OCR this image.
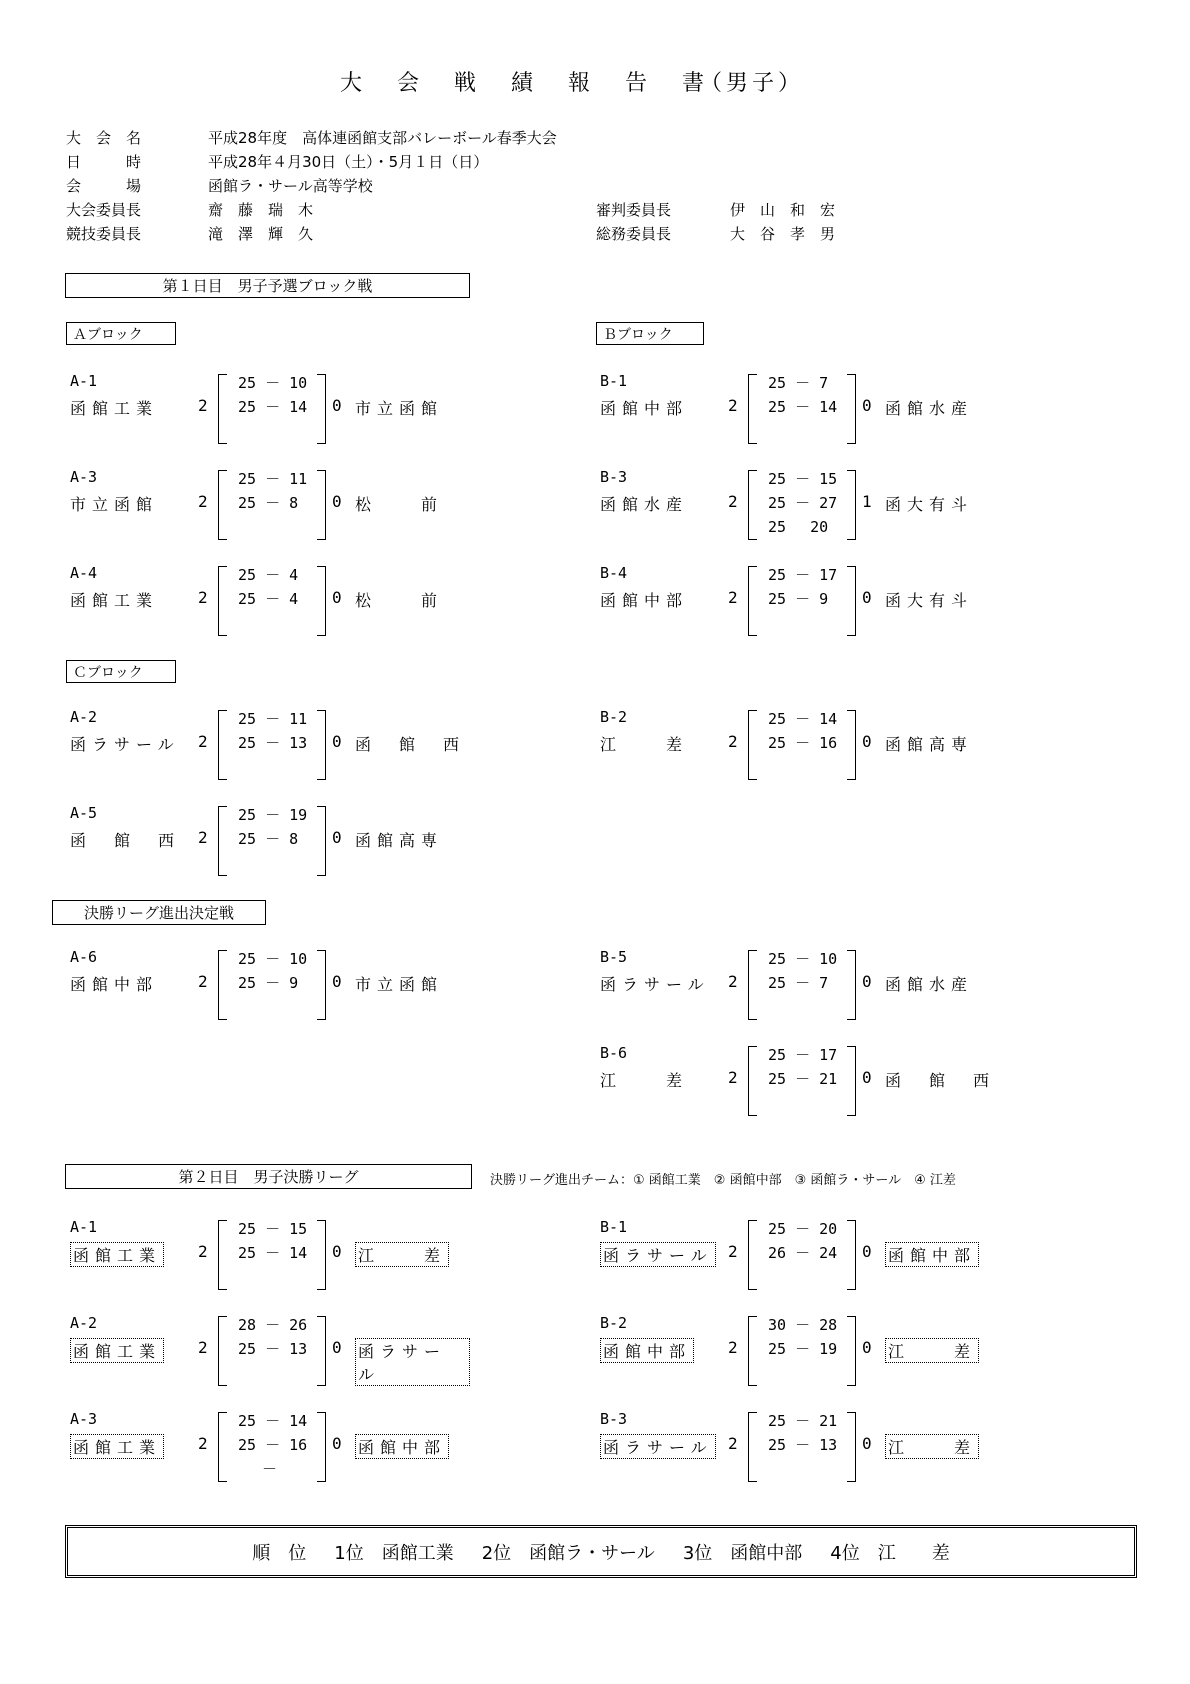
大 会 戦 績 報 告 書
（男子）
大　会　名	平成28年度　高体連函館支部バレーボール春季大会
日　　　時	平成28年４月30日（土）・5月１日（日）
会　　　場	函館ラ・サール高等学校
大会委員長	齋　藤　瑞　木
競技委員長	滝　澤　輝　久
審判委員長	伊　山　和　宏
総務委員長	大　谷　孝　男
第１日目　男子予選ブロック戦
Ａブロック	Ｂブロック
A-1
函館工業 2
25 － 10
25 － 14 0 市立函館
B-1
函館中部 2
25 － 7
25 － 14 0 函館水産
A-3
市立函館 2
25 － 11
25 － 8	0 松　　前
B-3
函館水産 2
25 － 15
25 － 27
25　 20
1 函大有斗
A-4
函館工業 2
25 － 4
25 － 4	0 松　　前
B-4
函館中部 2
25 － 17
25 － 9	0 函大有斗
Ｃブロック
A-2
函ラサール 2
25 － 11
25 － 13 0 函　館　西
B-2
江　　差 2
25 － 14
25 － 16 0 函館高専
A-5
函　館　西 2
25 － 19
25 － 8	0 函館高専
決勝リーグ進出決定戦
A-6
函館中部 2
25 － 10
25 － 9	0 市立函館
B-5
函ラサール 2
25 － 10
25 － 7	0 函館水産
B-6
江　　差 2
25 － 17
25 － 21 0 函　館　西
第２日目　男子決勝リーグ	決勝リーグ進出チーム：① 函館工業　② 函館中部　③ 函館ラ・サール　④ 江差
A-1
函館工業 2
25 － 15
25 － 14 0 江　　差
B-1
函ラサール 2
25 － 20
26 － 24 0 函館中部
A-2
函館工業 2
28 － 26
25 － 13 0 函ラサール
B-2
函館中部 2
30 － 28
25 － 19 0 江　　差
A-3
函館工業 2
25 － 14
25 － 16
　 －
0 函館中部
B-3
函ラサール 2
25 － 21
25 － 13 0 江　　差
順　位 1位　函館工業 2位　函館ラ・サール 3位　函館中部 4位　江　　差
